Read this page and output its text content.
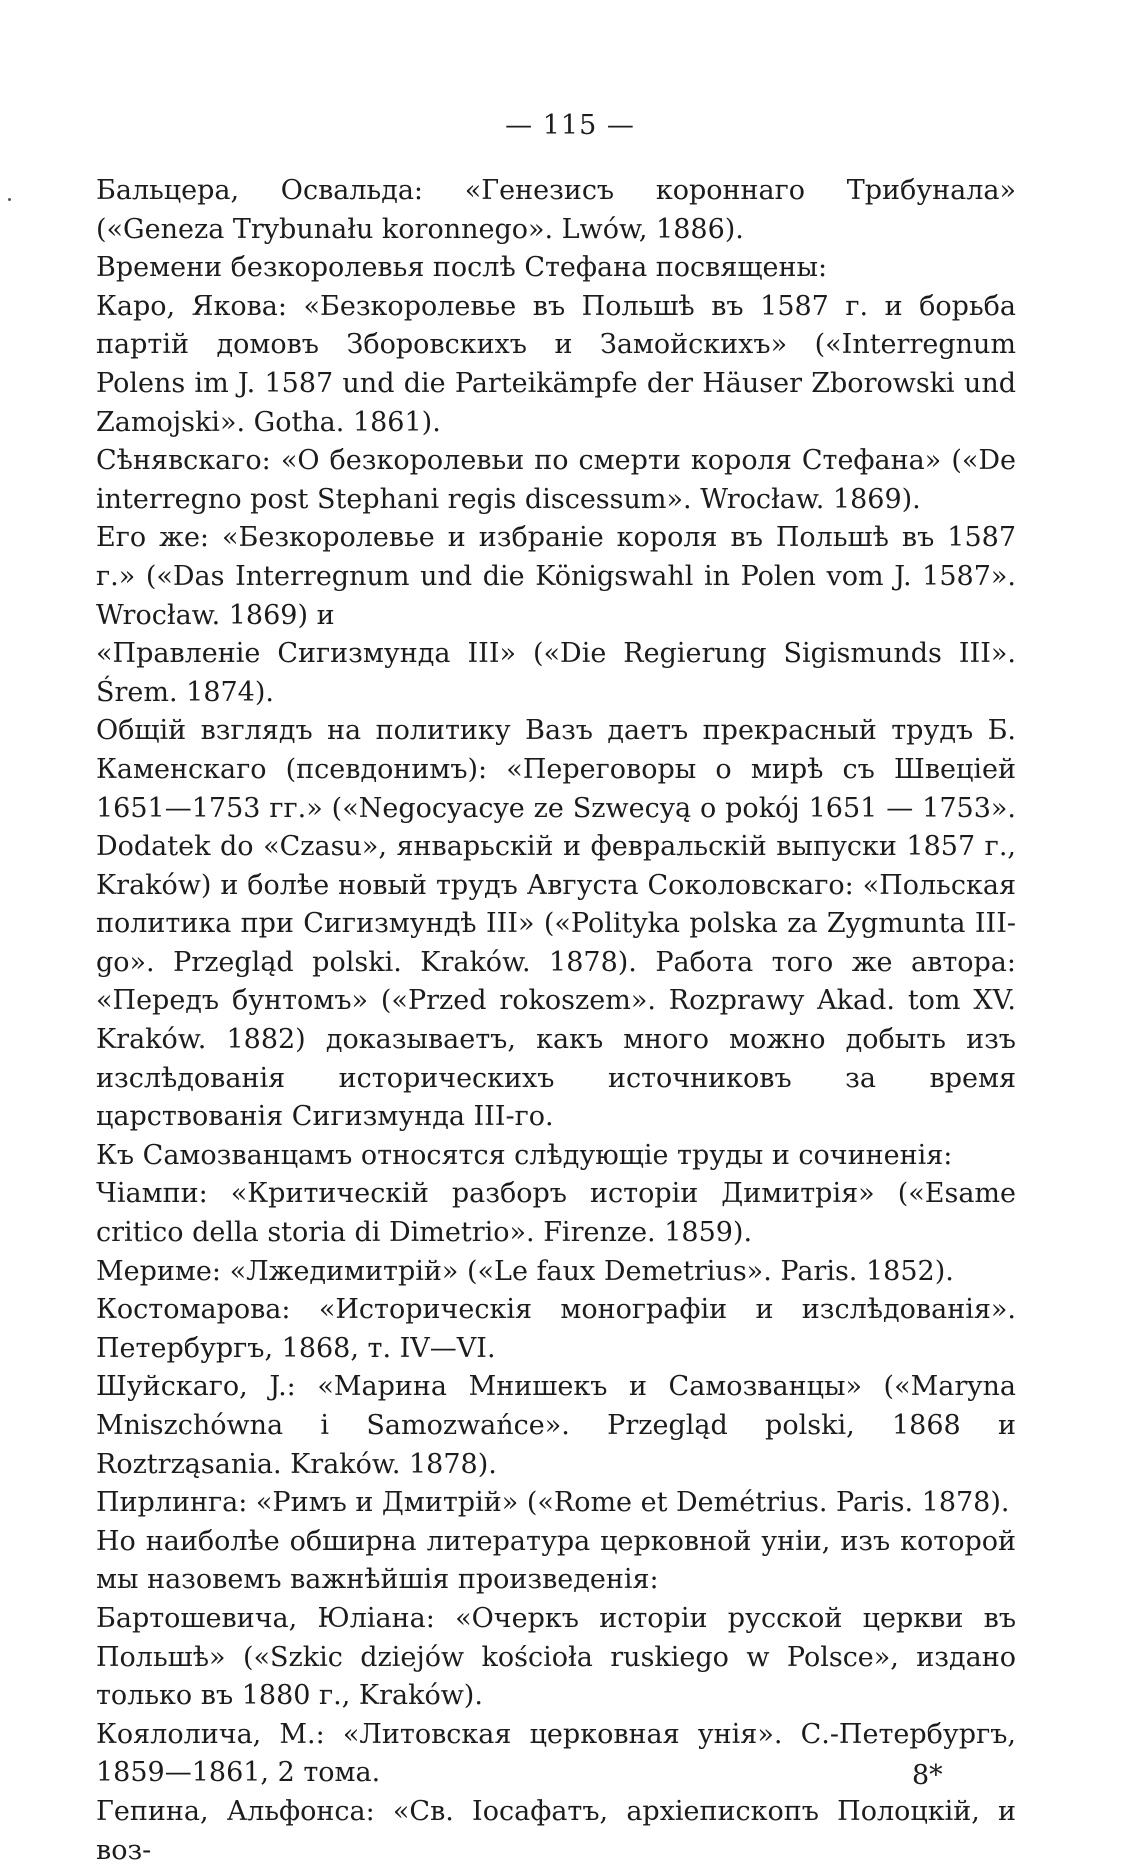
— 115 —

Бальцера, Освальда: «Генезисъ короннаго Трибунала» («Geneza Trybunału koronnego». Lwów, 1886).

Времени безкоролевья послѣ Стефана посвящены:

Каро, Якова: «Безкоролевье въ Польшѣ въ 1587 г. и борьба партій домовъ Зборовскихъ и Замойскихъ» («Interregnum Polens im J. 1587 und die Parteikämpfe der Häuser Zborowski und Zamojski». Gotha. 1861).

Сѣнявскаго: «О безкоролевьи по смерти короля Стефана» («De interregno post Stephani regis discessum». Wrocław. 1869).

Его же: «Безкоролевье и избраніе короля въ Польшѣ въ 1587 г.» («Das Interregnum und die Königswahl in Polen vom J. 1587». Wrocław. 1869) и

«Правленіе Сигизмунда III» («Die Regierung Sigismunds III». Śrem. 1874).

Общій взглядъ на политику Вазъ даетъ прекрасный трудъ Б. Каменскаго (псевдонимъ): «Переговоры о мирѣ съ Швеціей 1651—1753 гг.» («Negocyacye ze Szwecyą o pokój 1651 — 1753». Dodatek do «Czasu», январьскій и февральскій выпуски 1857 г., Kraków) и болѣе новый трудъ Августа Соколовскаго: «Польская политика при Сигизмундѣ III» («Polityka polska za Zygmunta III-go». Przegląd polski. Kraków. 1878). Работа того же автора: «Передъ бунтомъ» («Przed rokoszem». Rozprawy Akad. tom XV. Kraków. 1882) доказываетъ, какъ много можно добыть изъ изслѣдованія историческихъ источниковъ за время царствованія Сигизмунда III-го.

Къ Самозванцамъ относятся слѣдующіе труды и сочиненія:

Чіампи: «Критическій разборъ исторіи Димитрія» («Esame critico della storia di Dimetrio». Firenze. 1859).

Мериме: «Лжедимитрій» («Le faux Demetrius». Paris. 1852).

Костомарова: «Историческія монографіи и изслѣдованія». Петербургъ, 1868, т. IV—VI.

Шуйскаго, J.: «Марина Мнишекъ и Самозванцы» («Maryna Mniszchówna i Samozwańce». Przegląd polski, 1868 и Roztrząsania. Kraków. 1878).

Пирлинга: «Римъ и Дмитрій» («Rome et Demétrius. Paris. 1878).

Но наиболѣе обширна литература церковной уніи, изъ которой мы назовемъ важнѣйшія произведенія:

Бартошевича, Юліана: «Очеркъ исторіи русской церкви въ Польшѣ» («Szkic dziejów kościoła ruskiego w Polsce», издано только въ 1880 г., Kraków).

Коялолича, М.: «Литовская церковная унія». С.-Петербургъ, 1859—1861, 2 тома.

Гепина, Альфонса: «Св. Іосафатъ, архіепископъ Полоцкій, и воз-

8*
